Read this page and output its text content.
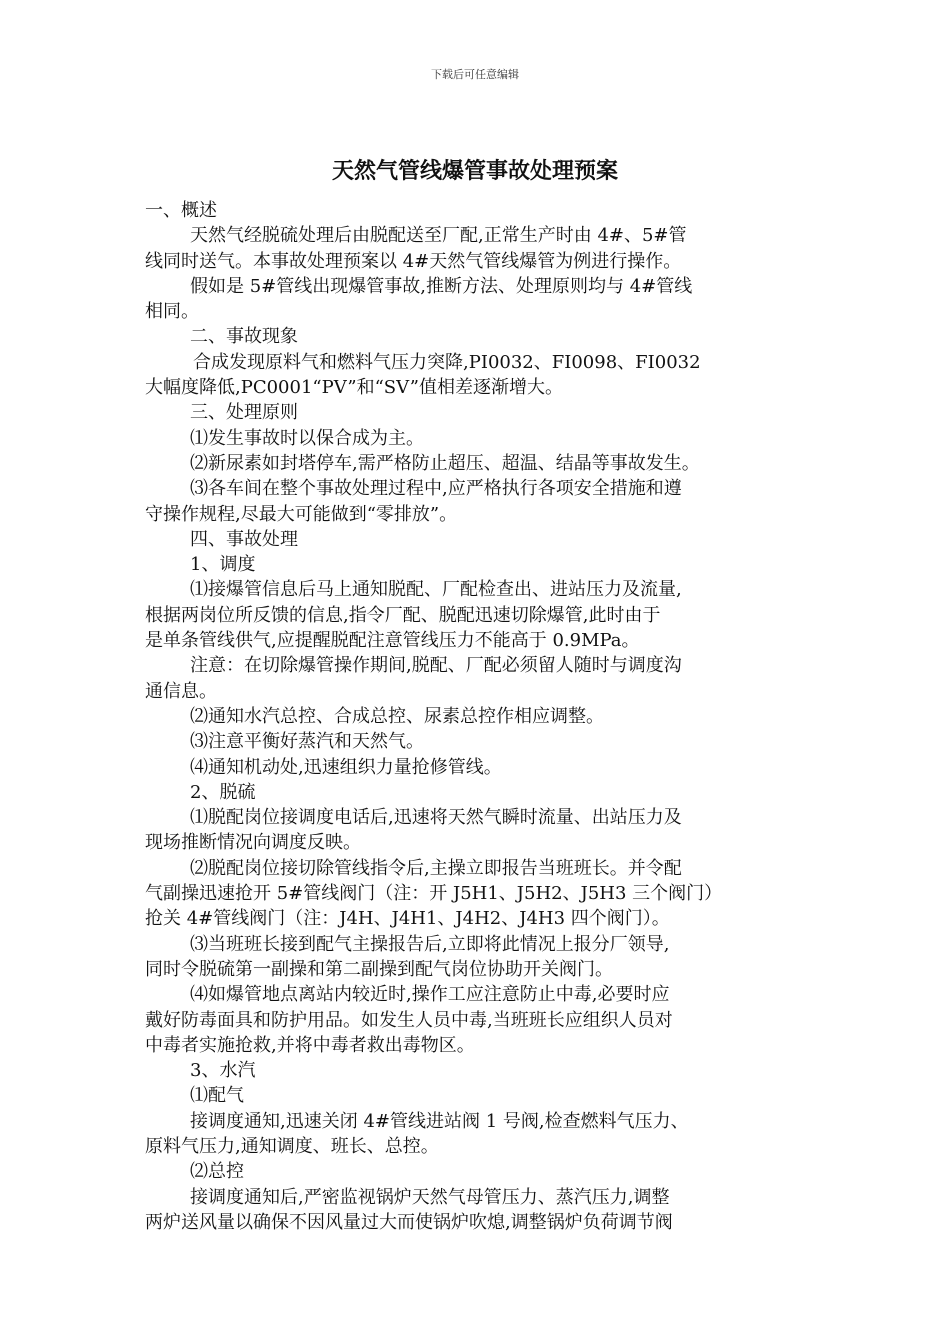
下载后可任意编辑
天然气管线爆管事故处理预案

一、概述

天然气经脱硫处理后由脱配送至厂配,正常生产时由 4#、5#管

线同时送气。本事故处理预案以 4#天然气管线爆管为例进行操作。

假如是 5#管线出现爆管事故,推断方法、处理原则均与 4#管线

相同。

二、事故现象

合成发现原料气和燃料气压力突降,PI0032、FI0098、FI0032

大幅度降低,PC0001“PV”和“SV”值相差逐渐增大。

三、处理原则

⑴发生事故时以保合成为主。

⑵新尿素如封塔停车,需严格防止超压、超温、结晶等事故发生。

⑶各车间在整个事故处理过程中,应严格执行各项安全措施和遵

守操作规程,尽最大可能做到“零排放”。

四、事故处理

1、调度

⑴接爆管信息后马上通知脱配、厂配检查出、进站压力及流量,

根据两岗位所反馈的信息,指令厂配、脱配迅速切除爆管,此时由于

是单条管线供气,应提醒脱配注意管线压力不能高于 0.9MPa。

注意：在切除爆管操作期间,脱配、厂配必须留人随时与调度沟

通信息。

⑵通知水汽总控、合成总控、尿素总控作相应调整。

⑶注意平衡好蒸汽和天然气。

⑷通知机动处,迅速组织力量抢修管线。

2、脱硫

⑴脱配岗位接调度电话后,迅速将天然气瞬时流量、出站压力及

现场推断情况向调度反映。

⑵脱配岗位接切除管线指令后,主操立即报告当班班长。并令配

气副操迅速抢开 5#管线阀门（注：开 J5H1、J5H2、J5H3 三个阀门）

抢关 4#管线阀门（注：J4H、J4H1、J4H2、J4H3 四个阀门）。

⑶当班班长接到配气主操报告后,立即将此情况上报分厂领导,

同时令脱硫第一副操和第二副操到配气岗位协助开关阀门。

⑷如爆管地点离站内较近时,操作工应注意防止中毒,必要时应

戴好防毒面具和防护用品。如发生人员中毒,当班班长应组织人员对

中毒者实施抢救,并将中毒者救出毒物区。

3、水汽

⑴配气

接调度通知,迅速关闭 4#管线进站阀 1 号阀,检查燃料气压力、

原料气压力,通知调度、班长、总控。

⑵总控

接调度通知后,严密监视锅炉天然气母管压力、蒸汽压力,调整

两炉送风量以确保不因风量过大而使锅炉吹熄,调整锅炉负荷调节阀
